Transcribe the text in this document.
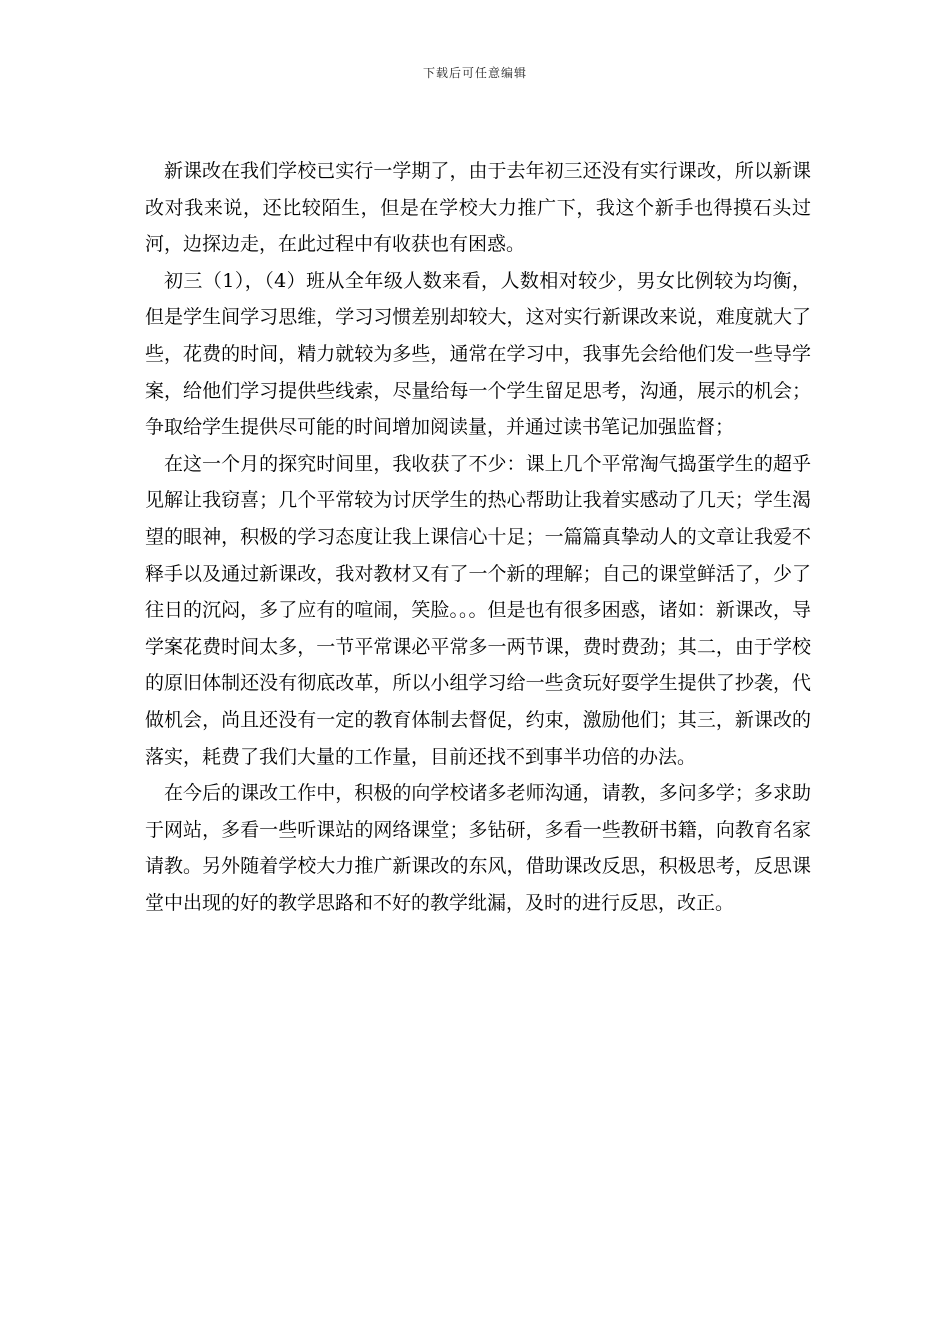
下载后可任意编辑

新课改在我们学校已实行一学期了，由于去年初三还没有实行课改，所以新课改对我来说，还比较陌生，但是在学校大力推广下，我这个新手也得摸石头过河，边探边走，在此过程中有收获也有困惑。

初三（1），（4）班从全年级人数来看，人数相对较少，男女比例较为均衡，但是学生间学习思维，学习习惯差别却较大，这对实行新课改来说，难度就大了些，花费的时间，精力就较为多些，通常在学习中，我事先会给他们发一些导学案，给他们学习提供些线索，尽量给每一个学生留足思考，沟通，展示的机会；争取给学生提供尽可能的时间增加阅读量，并通过读书笔记加强监督；

在这一个月的探究时间里，我收获了不少：课上几个平常淘气捣蛋学生的超乎见解让我窃喜；几个平常较为讨厌学生的热心帮助让我着实感动了几天；学生渴望的眼神，积极的学习态度让我上课信心十足；一篇篇真挚动人的文章让我爱不释手以及通过新课改，我对教材又有了一个新的理解；自己的课堂鲜活了，少了往日的沉闷，多了应有的喧闹，笑脸。。。但是也有很多困惑，诸如：新课改，导学案花费时间太多，一节平常课必平常多一两节课，费时费劲；其二，由于学校的原旧体制还没有彻底改革，所以小组学习给一些贪玩好耍学生提供了抄袭，代做机会，尚且还没有一定的教育体制去督促，约束，激励他们；其三，新课改的落实，耗费了我们大量的工作量，目前还找不到事半功倍的办法。

在今后的课改工作中，积极的向学校诸多老师沟通，请教，多问多学；多求助于网站，多看一些听课站的网络课堂；多钻研，多看一些教研书籍，向教育名家请教。另外随着学校大力推广新课改的东风，借助课改反思，积极思考，反思课堂中出现的好的教学思路和不好的教学纰漏，及时的进行反思，改正。
